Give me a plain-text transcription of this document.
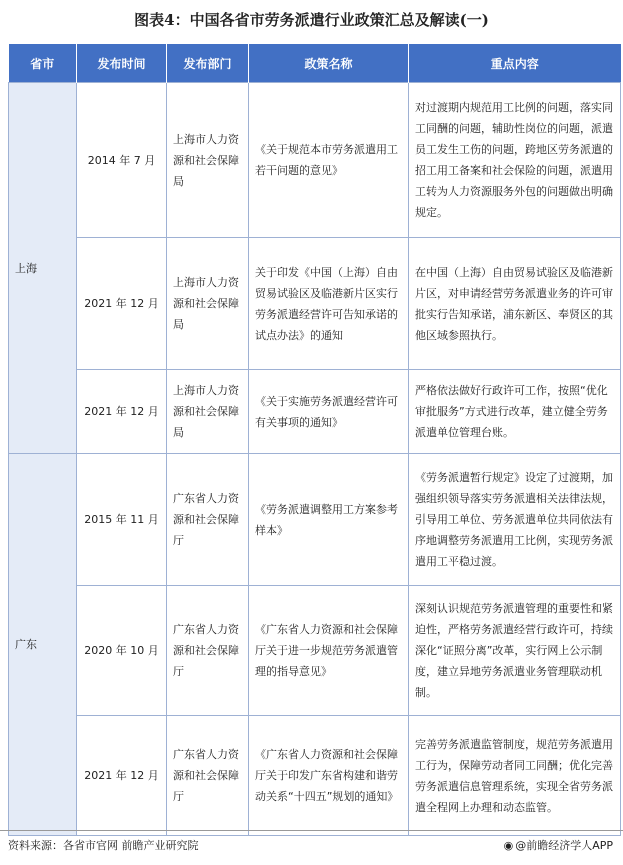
图表4：中国各省市劳务派遣行业政策汇总及解读(一)
省市	发布时间	发布部门	政策名称	重点内容
上海	2014 年 7 月	上海市人力资源和社会保障局	《关于规范本市劳务派遣用工若干问题的意见》	对过渡期内规范用工比例的问题，落实同工同酬的问题，辅助性岗位的问题，派遣员工发生工伤的问题，跨地区劳务派遣的招工用工备案和社会保险的问题，派遣用工转为人力资源服务外包的问题做出明确规定。
	2021 年 12 月	上海市人力资源和社会保障局	关于印发《中国（上海）自由贸易试验区及临港新片区实行劳务派遣经营许可告知承诺的试点办法》的通知	在中国（上海）自由贸易试验区及临港新片区，对申请经营劳务派遣业务的许可审批实行告知承诺，浦东新区、奉贤区的其他区域参照执行。
	2021 年 12 月	上海市人力资源和社会保障局	《关于实施劳务派遣经营许可有关事项的通知》	严格依法做好行政许可工作，按照“优化审批服务”方式进行改革，建立健全劳务派遣单位管理台账。
广东	2015 年 11 月	广东省人力资源和社会保障厅	《劳务派遣调整用工方案参考样本》	《劳务派遣暂行规定》设定了过渡期，加强组织领导落实劳务派遣相关法律法规，引导用工单位、劳务派遣单位共同依法有序地调整劳务派遣用工比例，实现劳务派遣用工平稳过渡。
	2020 年 10 月	广东省人力资源和社会保障厅	《广东省人力资源和社会保障厅关于进一步规范劳务派遣管理的指导意见》	深刻认识规范劳务派遣管理的重要性和紧迫性，严格劳务派遣经营行政许可，持续深化“证照分离”改革，实行网上公示制度，建立异地劳务派遣业务管理联动机制。
	2021 年 12 月	广东省人力资源和社会保障厅	《广东省人力资源和社会保障厅关于印发广东省构建和谐劳动关系“十四五”规划的通知》	完善劳务派遣监管制度，规范劳务派遣用工行为，保障劳动者同工同酬；优化完善劳务派遣信息管理系统，实现全省劳务派遣全程网上办理和动态监管。
资料来源：各省市官网 前瞻产业研究院	◉ @前瞻经济学人APP
